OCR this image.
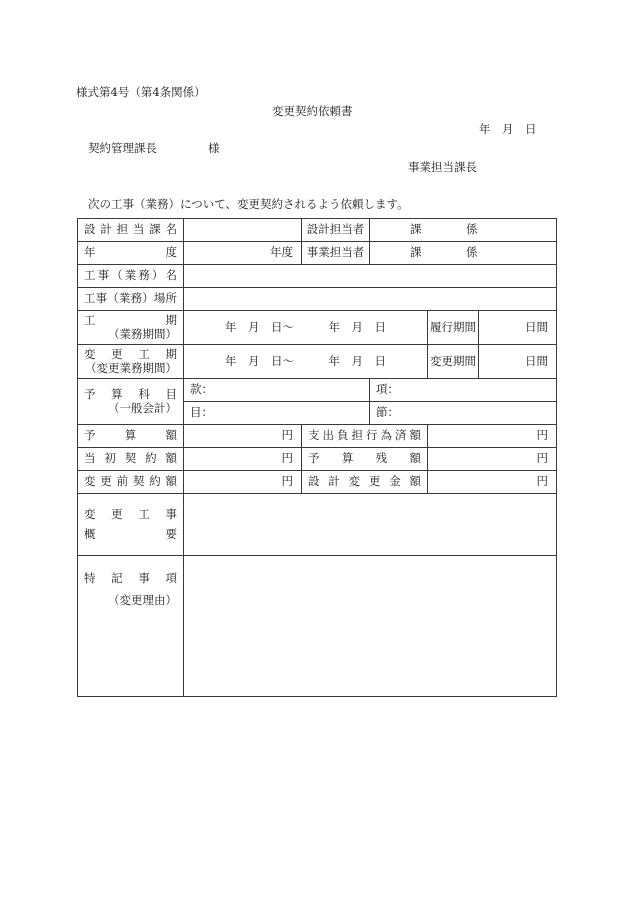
様式第4号（第4条関係）
変更契約依頼書
年　月　日
契約管理課長	様
事業担当課長
次の工事（業務）について、変更契約されるよう依頼します。
設計担当課名		設計担当者	課 係		
年　　度	年度	事業担当者	課 係		
工事（業務）名					
工事（業務）場所					

工　期
（業務期間）	年　月　日～　　　年　月　日			履行期間	日間

変更工期
（変更業務期間）	年　月　日～　　　年　月　日			変更期間	日間

予算科目
（一般会計）	款：		項：		

	目：		節：		

予算額	円	支出負担行為済額		円	
当初契約額	円	予算残額		円	
変更前契約額	円	設計変更金額		円	

変更工事
概要					

特記事項
（変更理由）					
